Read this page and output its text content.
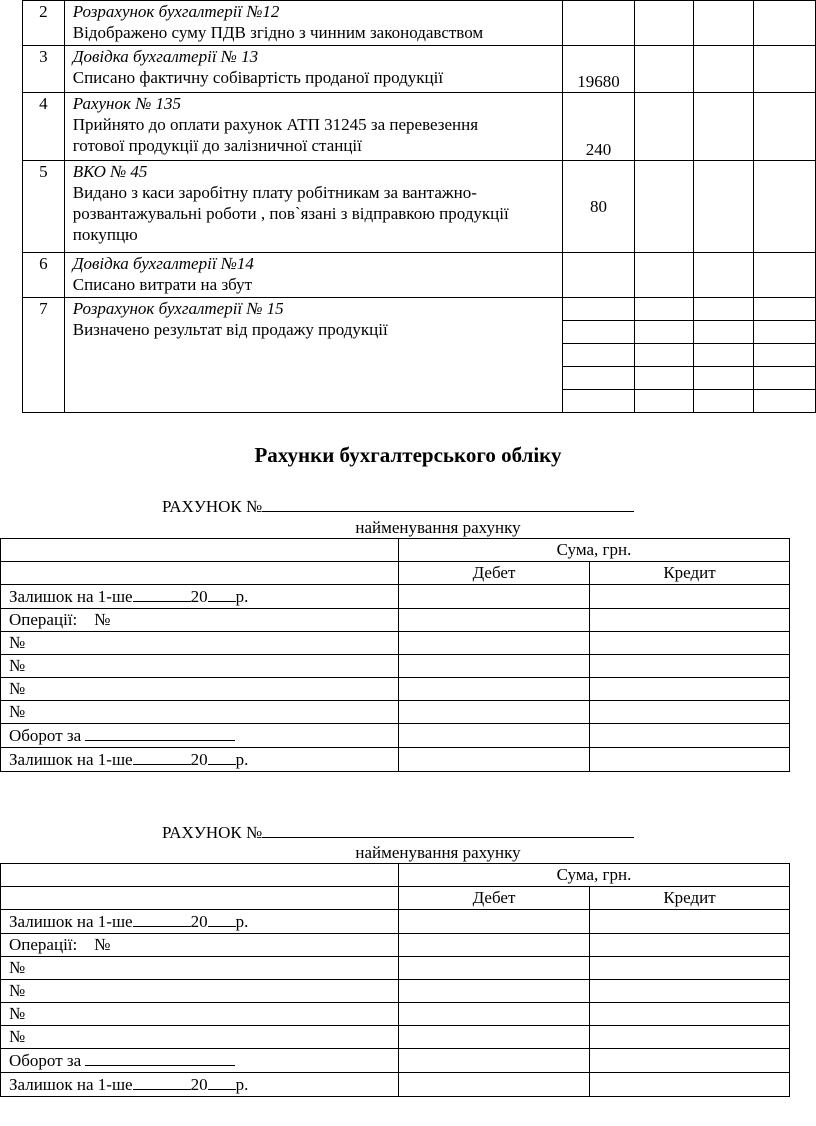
2	Розрахунок бухгалтерії №12
Відображено суму ПДВ згідно з чинним законодавством

3	Довідка бухгалтерії № 13
Списано фактичну собівартість проданої продукції	19680			
4	Рахунок № 135
Прийнято до оплати рахунок АТП 31245 за перевезення
готової продукції до залізничної станції	240			
5	ВКО № 45
Видано з каси заробітну плату робітникам за вантажно-
розвантажувальні роботи , пов`язані з відправкою продукції
покупцю
	80			
6	Довідка бухгалтерії №14
Списано витрати на збут

7	Розрахунок бухгалтерії № 15
Визначено результат від продажу продукції

Рахунки бухгалтерського обліку
РАХУНОК №
найменування рахунку
	Сума, грн.	
	Дебет	Кредит
Залишок на 1-ше 20 р.		
Операції: №		
№		
№		
№		
№		
Оборот за		
Залишок на 1-ше 20 р.		
РАХУНОК №
найменування рахунку
	Сума, грн.	
	Дебет	Кредит
Залишок на 1-ше 20 р.		
Операції: №		
№		
№		
№		
№		
Оборот за		
Залишок на 1-ше 20 р.		
